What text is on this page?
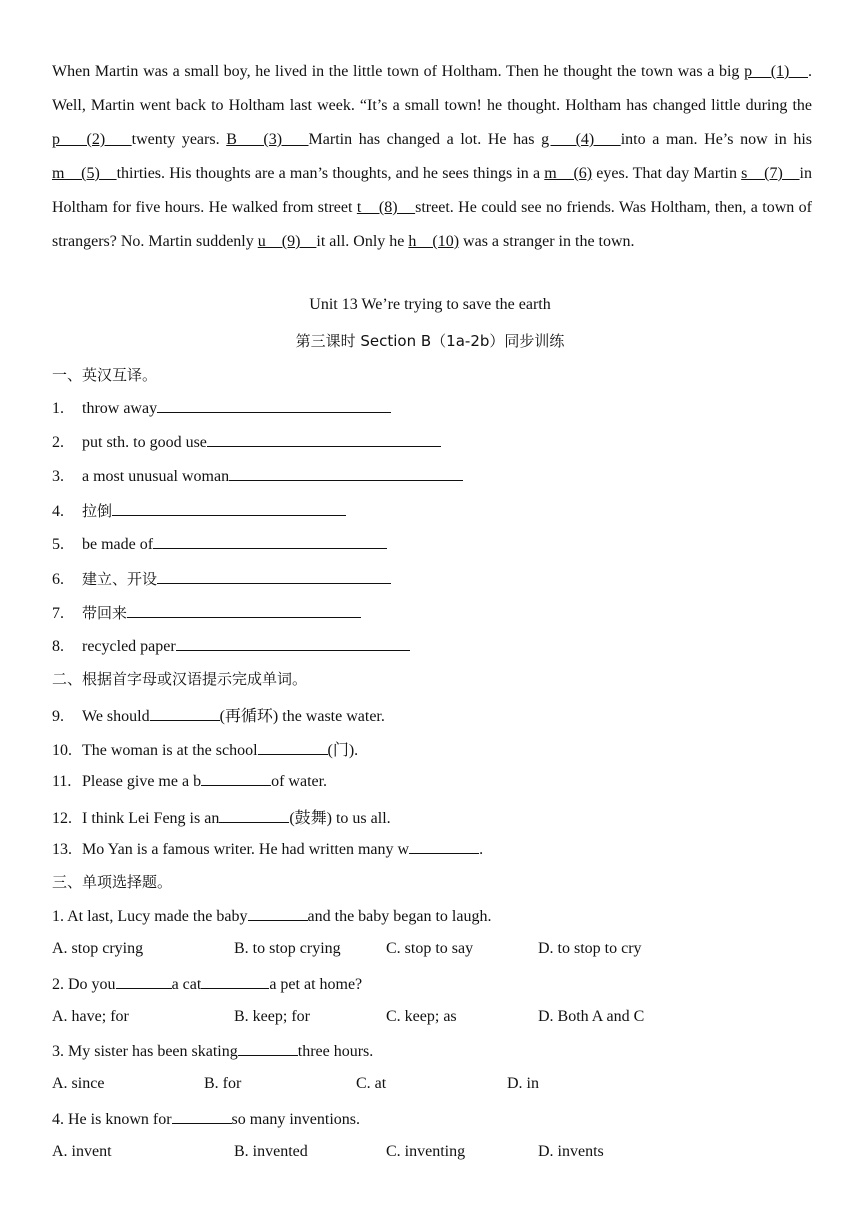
When Martin was a small boy, he lived in the little town of Holtham. Then he thought the town was a big p    (1)    . Well, Martin went back to Holtham last week. “It’s a small town! he thought. Holtham has changed little during the p    (2)    twenty years. B    (3)    Martin has changed a lot. He has g    (4)    into a man. He’s now in his m    (5)    thirties. His thoughts are a man’s thoughts, and he sees things in a m    (6) eyes. That day Martin s    (7)    in Holtham for five hours. He walked from street t    (8)    street. He could see no friends. Was Holtham, then, a town of strangers? No. Martin suddenly u    (9)    it all. Only he h    (10) was a stranger in the town.

Unit 13 We’re trying to save the earth
第三课时 Section B（1a-2b）同步训练
一、英汉互译。
1. throw away
2. put sth. to good use
3. a most unusual woman
4. 拉倒
5. be made of
6. 建立、开设
7. 带回来
8. recycled paper
二、根据首字母或汉语提示完成单词。
9. We should	(再循环) the waste water.
10. The woman is at the school	(门).
11. Please give me a b	of water.
12. I think Lei Feng is an	(鼓舞) to us all.
13. Mo Yan is a famous writer. He had written many w	.
三、单项选择题。
1. At last, Lucy made the baby	and the baby began to laugh.
A. stop crying	B. to stop crying	C. stop to say	D. to stop to cry
2. Do you	a cat	a pet at home?
A. have; for	B. keep; for	C. keep; as	D. Both A and C
3. My sister has been skating	three hours.
A. since	B. for	C. at	D. in
4. He is known for	so many inventions.
A. invent	B. invented	C. inventing	D. invents
